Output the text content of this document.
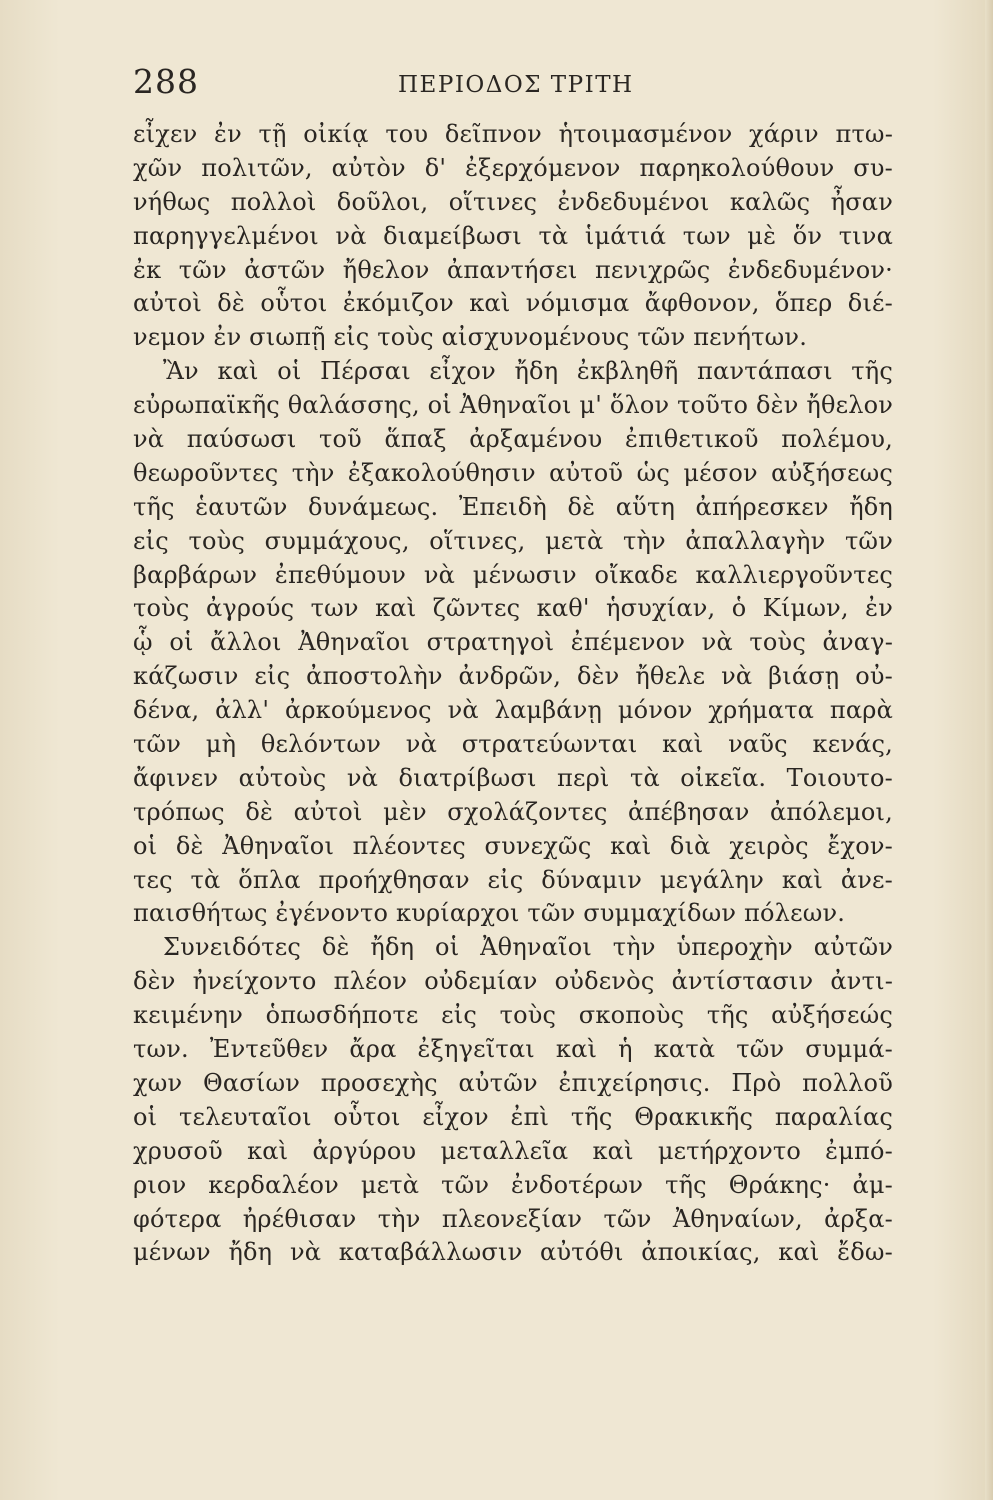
288	ΠΕΡΙΟΔΟΣ ΤΡΙΤΗ
εἶχεν ἐν τῇ οἰκίᾳ του δεῖπνον ἡτοιμασμένον χάριν πτω-
χῶν πολιτῶν, αὐτὸν δ' ἐξερχόμενον παρηκολούθουν συ-
νήθως πολλοὶ δοῦλοι, οἵτινες ἐνδεδυμένοι καλῶς ἦσαν
παρηγγελμένοι νὰ διαμείβωσι τὰ ἱμάτιά των μὲ ὅν τινα
ἐκ τῶν ἀστῶν ἤθελον ἀπαντήσει πενιχρῶς ἐνδεδυμένον·
αὐτοὶ δὲ οὗτοι ἐκόμιζον καὶ νόμισμα ἄφθονον, ὅπερ διέ-
νεμον ἐν σιωπῇ εἰς τοὺς αἰσχυνομένους τῶν πενήτων.
Ἂν καὶ οἱ Πέρσαι εἶχον ἤδη ἐκβληθῆ παντάπασι τῆς
εὐρωπαϊκῆς θαλάσσης, οἱ Ἀθηναῖοι μ' ὅλον τοῦτο δὲν ἤθελον
νὰ παύσωσι τοῦ ἅπαξ ἀρξαμένου ἐπιθετικοῦ πολέμου,
θεωροῦντες τὴν ἐξακολούθησιν αὐτοῦ ὡς μέσον αὐξήσεως
τῆς ἑαυτῶν δυνάμεως. Ἐπειδὴ δὲ αὕτη ἀπήρεσκεν ἤδη
εἰς τοὺς συμμάχους, οἵτινες, μετὰ τὴν ἀπαλλαγὴν τῶν
βαρβάρων ἐπεθύμουν νὰ μένωσιν οἴκαδε καλλιεργοῦντες
τοὺς ἀγρούς των καὶ ζῶντες καθ' ἡσυχίαν, ὁ Κίμων, ἐν
ᾧ οἱ ἄλλοι Ἀθηναῖοι στρατηγοὶ ἐπέμενον νὰ τοὺς ἀναγ-
κάζωσιν εἰς ἀποστολὴν ἀνδρῶν, δὲν ἤθελε νὰ βιάσῃ οὐ-
δένα, ἀλλ' ἀρκούμενος νὰ λαμβάνῃ μόνον χρήματα παρὰ
τῶν μὴ θελόντων νὰ στρατεύωνται καὶ ναῦς κενάς,
ἄφινεν αὐτοὺς νὰ διατρίβωσι περὶ τὰ οἰκεῖα. Τοιουτο-
τρόπως δὲ αὐτοὶ μὲν σχολάζοντες ἀπέβησαν ἀπόλεμοι,
οἱ δὲ Ἀθηναῖοι πλέοντες συνεχῶς καὶ διὰ χειρὸς ἔχον-
τες τὰ ὅπλα προήχθησαν εἰς δύναμιν μεγάλην καὶ ἀνε-
παισθήτως ἐγένοντο κυρίαρχοι τῶν συμμαχίδων πόλεων.
Συνειδότες δὲ ἤδη οἱ Ἀθηναῖοι τὴν ὑπεροχὴν αὐτῶν
δὲν ἠνείχοντο πλέον οὐδεμίαν οὐδενὸς ἀντίστασιν ἀντι-
κειμένην ὁπωσδήποτε εἰς τοὺς σκοποὺς τῆς αὐξήσεώς
των. Ἐντεῦθεν ἄρα ἐξηγεῖται καὶ ἡ κατὰ τῶν συμμά-
χων Θασίων προσεχὴς αὐτῶν ἐπιχείρησις. Πρὸ πολλοῦ
οἱ τελευταῖοι οὗτοι εἶχον ἐπὶ τῆς Θρακικῆς παραλίας
χρυσοῦ καὶ ἀργύρου μεταλλεῖα καὶ μετήρχοντο ἐμπό-
ριον κερδαλέον μετὰ τῶν ἐνδοτέρων τῆς Θράκης· ἀμ-
φότερα ἠρέθισαν τὴν πλεονεξίαν τῶν Ἀθηναίων, ἀρξα-
μένων ἤδη νὰ καταβάλλωσιν αὐτόθι ἀποικίας, καὶ ἔδω-
